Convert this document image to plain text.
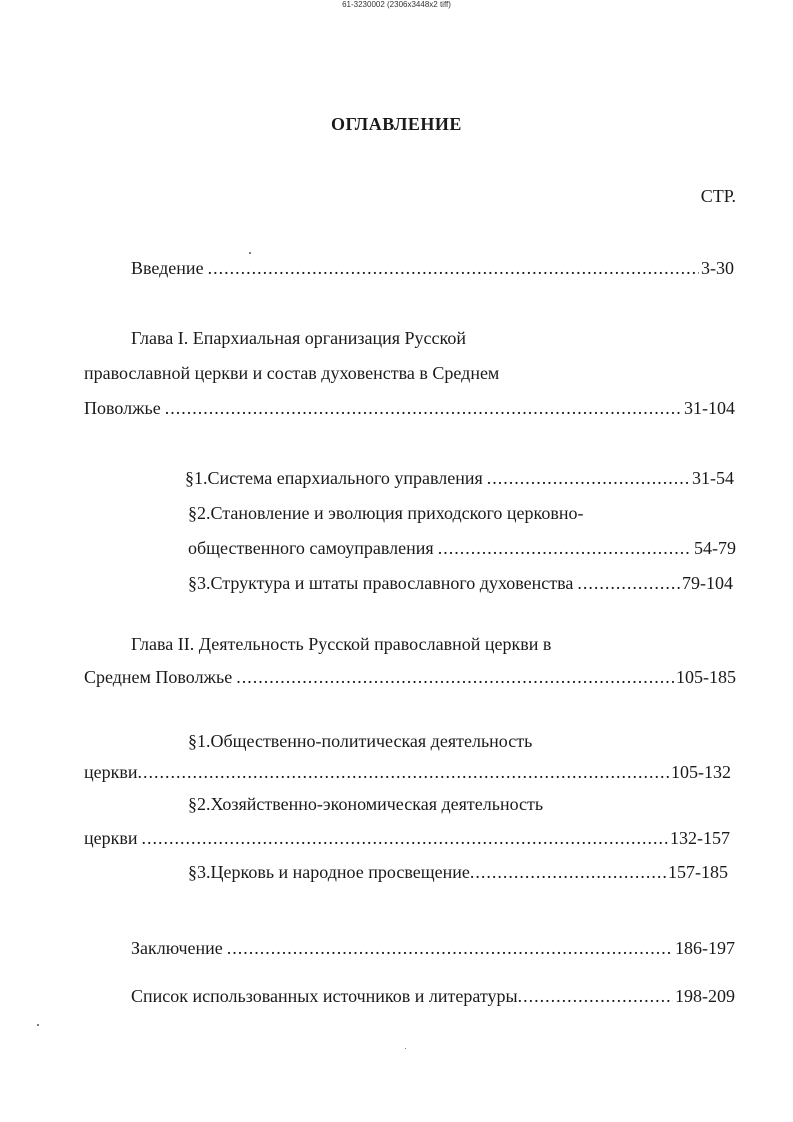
61-3230002 (2306x3448x2 tiff)
ОГЛАВЛЕНИЕ
СТР.
Введение .....	3-30
Глава I. Епархиальная организация Русской
православной церкви и состав духовенства в Среднем
Поволжье .....	31-104
§1.Система епархиального управления .....	31-54
§2.Становление и эволюция приходского церковно-
общественного самоуправления .....	54-79
§3.Структура и штаты православного духовенства .....	79-104
Глава II. Деятельность Русской православной церкви в
Среднем Поволжье .....	105-185
§1.Общественно-политическая деятельность
церкви .....	105-132
§2.Хозяйственно-экономическая деятельность
церкви .....	132-157
§3.Церковь и народное просвещение .....	157-185
Заключение .....	186-197
Список использованных источников и литературы .....	198-209
